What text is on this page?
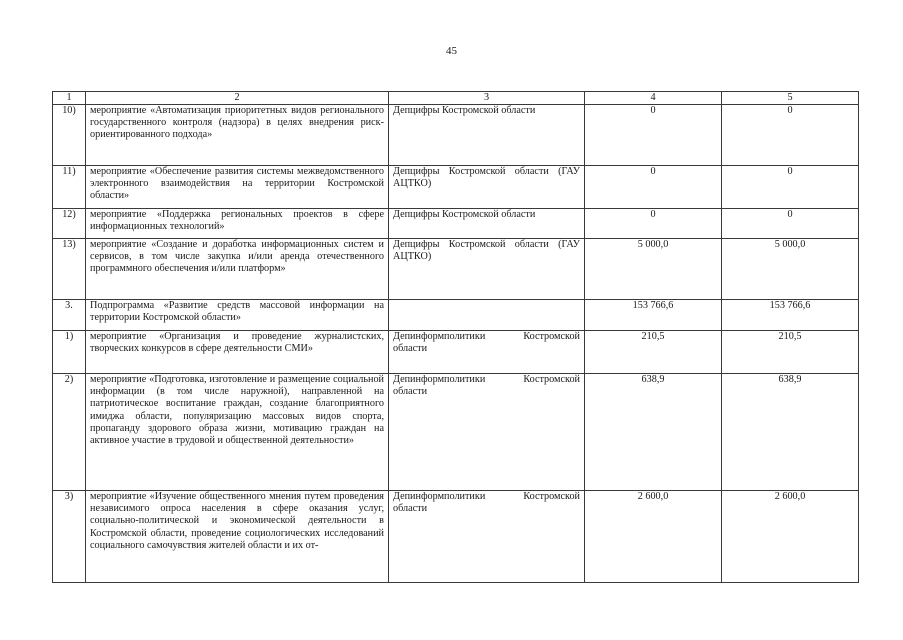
45
1	2	3	4	5
10)	мероприятие «Автоматизация приоритетных видов регионального государственного контроля (надзора) в целях внедрения риск-ориентированного подхода»	Депцифры Костромской области	0	0
11)	мероприятие «Обеспечение развития системы межведомственного электронного взаимодействия на территории Костромской области»	Депцифры Костромской области (ГАУ АЦТКО)	0	0
12)	мероприятие «Поддержка региональных проектов в сфере информационных технологий»	Депцифры Костромской области	0	0
13)	мероприятие «Создание и доработка информационных систем и сервисов, в том числе закупка и/или аренда отечественного программного обеспечения и/или платформ»	Депцифры Костромской области (ГАУ АЦТКО)	5 000,0	5 000,0
3.	Подпрограмма «Развитие средств массовой информации на территории Костромской области»		153 766,6	153 766,6
1)	мероприятие «Организация и проведение журналистских, творческих конкурсов в сфере деятельности СМИ»	Депинформполитики Костромской области	210,5	210,5
2)	мероприятие «Подготовка, изготовление и размещение социальной информации (в том числе наружной), направленной на патриотическое воспитание граждан, создание благоприятного имиджа области, популяризацию массовых видов спорта, пропаганду здорового образа жизни, мотивацию граждан на активное участие в трудовой и общественной деятельности»	Депинформполитики Костромской области	638,9	638,9
3)	мероприятие «Изучение общественного мнения путем проведения независимого опроса населения в сфере оказания услуг, социально-политической и экономической деятельности в Костромской области, проведение социологических исследований социального самочувствия жителей области и их от-	Депинформполитики Костромской области	2 600,0	2 600,0
